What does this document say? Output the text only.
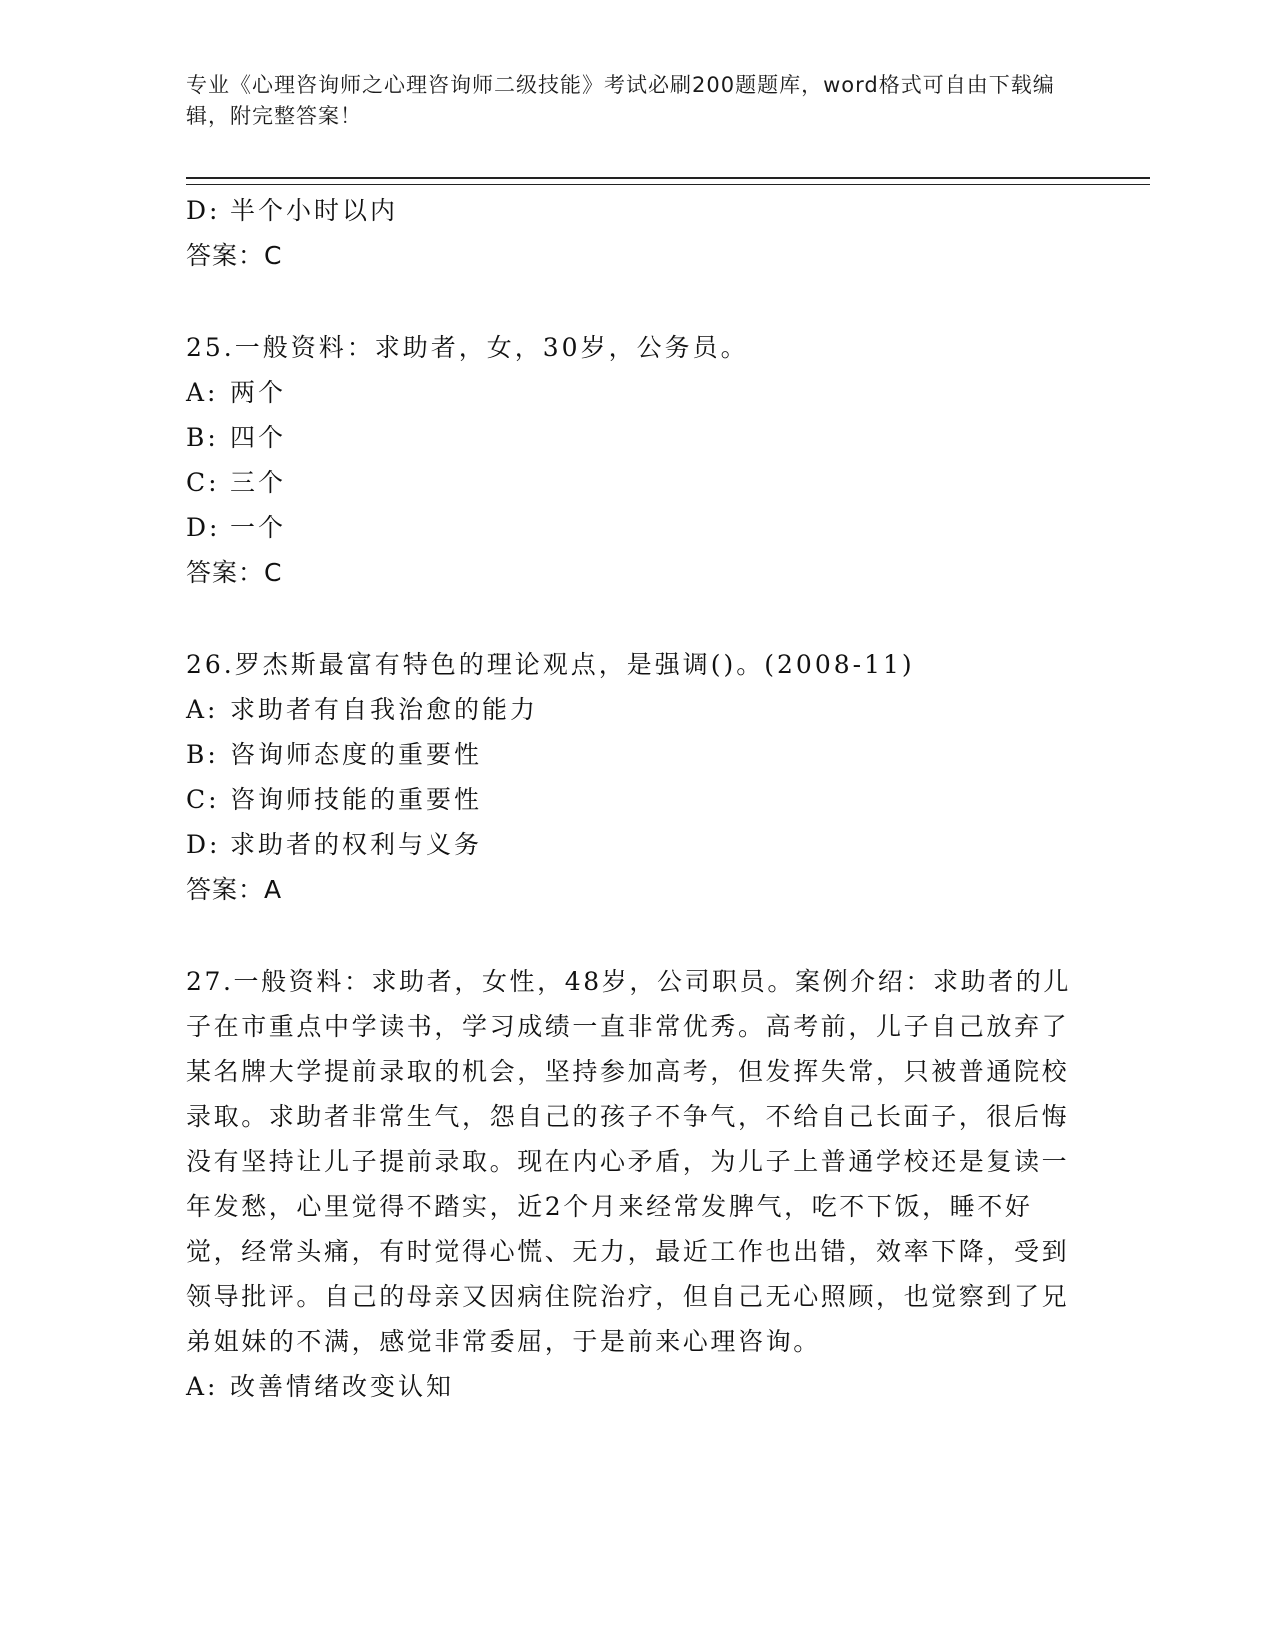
专业《心理咨询师之心理咨询师二级技能》考试必刷200题题库，word格式可自由下载编辑，附完整答案！
D: 半个小时以内
答案：C
25.一般资料：求助者，女，30岁，公务员。
A: 两个
B: 四个
C: 三个
D: 一个
答案：C
26.罗杰斯最富有特色的理论观点，是强调()。(2008-11)
A: 求助者有自我治愈的能力
B: 咨询师态度的重要性
C: 咨询师技能的重要性
D: 求助者的权利与义务
答案：A
27.一般资料：求助者，女性，48岁，公司职员。案例介绍：求助者的儿子在市重点中学读书，学习成绩一直非常优秀。高考前，儿子自己放弃了某名牌大学提前录取的机会，坚持参加高考，但发挥失常，只被普通院校录取。求助者非常生气，怨自己的孩子不争气，不给自己长面子，很后悔没有坚持让儿子提前录取。现在内心矛盾，为儿子上普通学校还是复读一年发愁，心里觉得不踏实，近2个月来经常发脾气，吃不下饭，睡不好觉，经常头痛，有时觉得心慌、无力，最近工作也出错，效率下降，受到领导批评。自己的母亲又因病住院治疗，但自己无心照顾，也觉察到了兄弟姐妹的不满，感觉非常委屈，于是前来心理咨询。
A: 改善情绪改变认知
